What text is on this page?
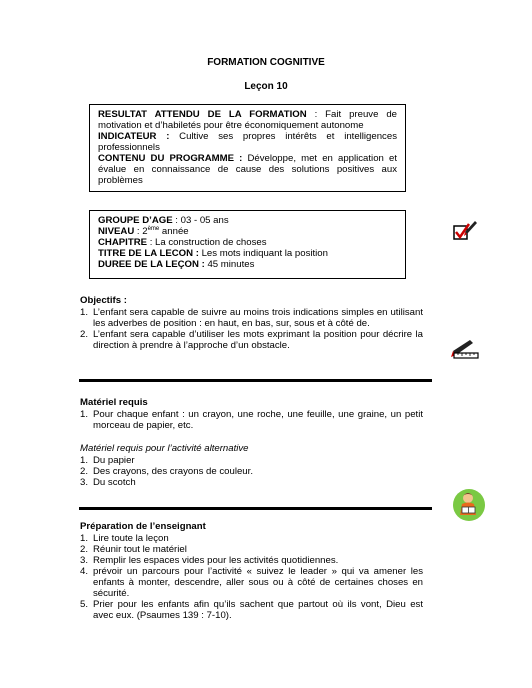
FORMATION COGNITIVE
Leçon 10

RESULTAT ATTENDU DE LA FORMATION : Fait preuve de motivation et d’habiletés pour être économiquement autonome

INDICATEUR : Cultive ses propres intérêts et intelligences professionnels

CONTENU DU PROGRAMME : Développe, met en application et évalue en connaissance de cause des solutions positives aux problèmes

GROUPE D’AGE : 03 - 05 ans

NIVEAU : 2ème année

CHAPITRE : La construction de choses

TITRE DE LA LECON : Les mots indiquant la position

DUREE DE LA LEÇON : 45 minutes

Objectifs :
1. L’enfant sera capable de suivre au moins trois indications simples en utilisant les adverbes de position : en haut, en bas, sur, sous et à côté de.
2. L’enfant sera capable d’utiliser les mots exprimant la position pour décrire la direction à prendre à l’approche d’un obstacle.
Matériel requis
1. Pour chaque enfant : un crayon, une roche, une feuille, une graine, un petit morceau de papier, etc.
Matériel requis pour l’activité alternative
1. Du papier
2. Des crayons, des crayons de couleur.
3. Du scotch
Préparation de l’enseignant
1. Lire toute la leçon
2. Réunir tout le matériel
3. Remplir les espaces vides pour les activités quotidiennes.
4. prévoir un parcours pour l’activité « suivez le leader » qui va amener les enfants à monter, descendre, aller sous ou à côté de certaines choses en sécurité.
5. Prier pour les enfants afin qu’ils sachent que partout où ils vont, Dieu est avec eux. (Psaumes 139 : 7-10).
